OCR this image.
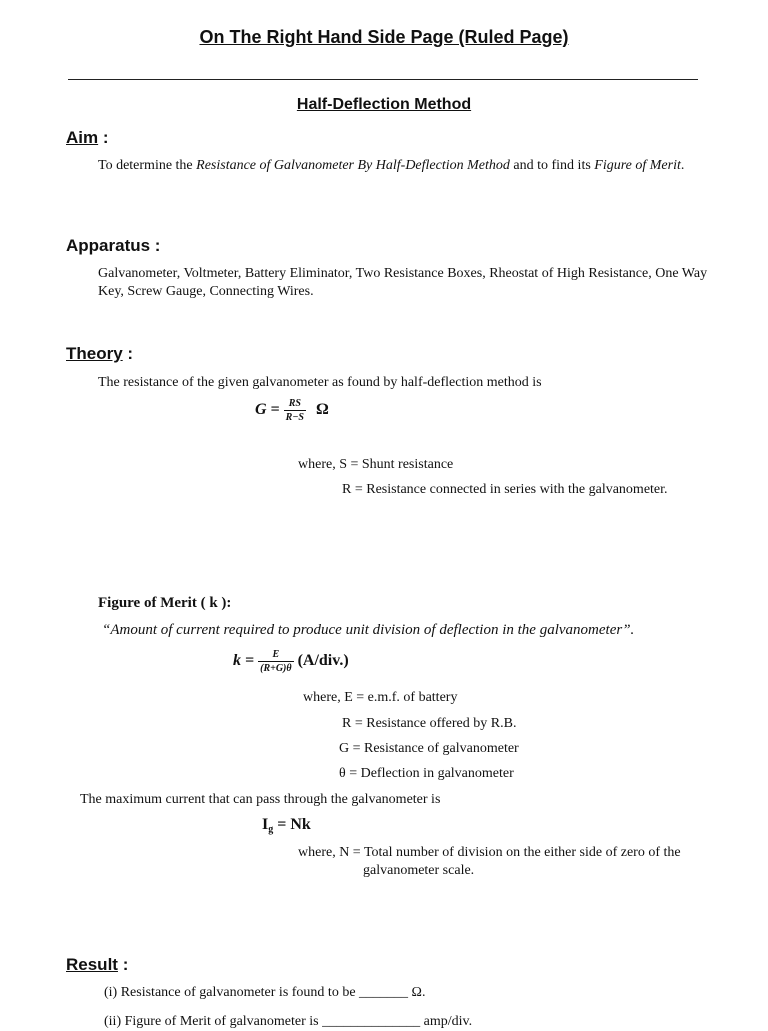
On The Right Hand Side Page (Ruled Page)
Half-Deflection Method
Aim :
To determine the Resistance of Galvanometer By Half-Deflection Method and to find its Figure of Merit.
Apparatus :
Galvanometer, Voltmeter, Battery Eliminator, Two Resistance Boxes, Rheostat of High Resistance, One Way Key, Screw Gauge, Connecting Wires.
Theory :
The resistance of the given galvanometer as found by half-deflection method is
$G = \frac{RS}{R-S}$ Ω
where, S = Shunt resistance
R = Resistance connected in series with the galvanometer.
Figure of Merit ( k ):
“Amount of current required to produce unit division of deflection in the galvanometer”.
$k = \frac{E}{(R+G)\theta} (A/div.)$
where, E = e.m.f. of battery
R = Resistance offered by R.B.
G = Resistance of galvanometer
θ = Deflection in galvanometer
The maximum current that can pass through the galvanometer is
$I_g = Nk$
where, N = Total number of division on the either side of zero of the
galvanometer scale.
Result :
(i) Resistance of galvanometer is found to be _______ Ω.
(ii) Figure of Merit of galvanometer is ______________ amp/div.
